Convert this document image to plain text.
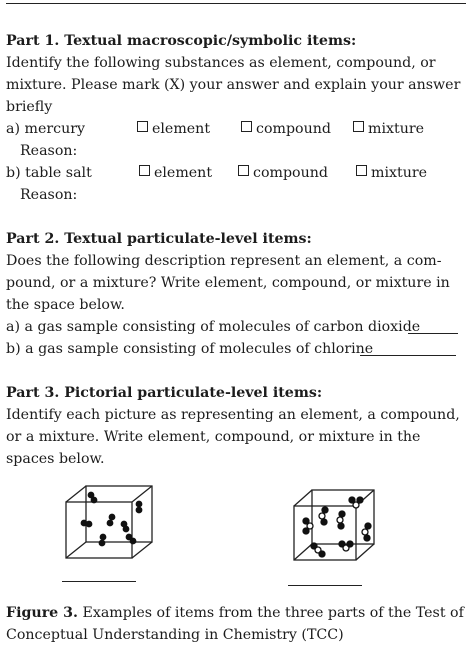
Part 1. Textual macroscopic/symbolic items:
Identify the following substances as element, compound, or
mixture. Please mark (X) your answer and explain your answer
briefly
a) mercury	element	compound	mixture
Reason:
b) table salt	element	compound	mixture
Reason:
Part 2. Textual particulate-level items:
Does the following description represent an element, a com-
pound, or a mixture? Write element, compound, or mixture in
the space below.
a) a gas sample consisting of molecules of carbon dioxide
b) a gas sample consisting of molecules of chlorine
Part 3. Pictorial particulate-level items:
Identify each picture as representing an element, a compound,
or a mixture. Write element, compound, or mixture in the
spaces below.
Figure 3. Examples of items from the three parts of the Test of
Conceptual Understanding in Chemistry (TCC)
